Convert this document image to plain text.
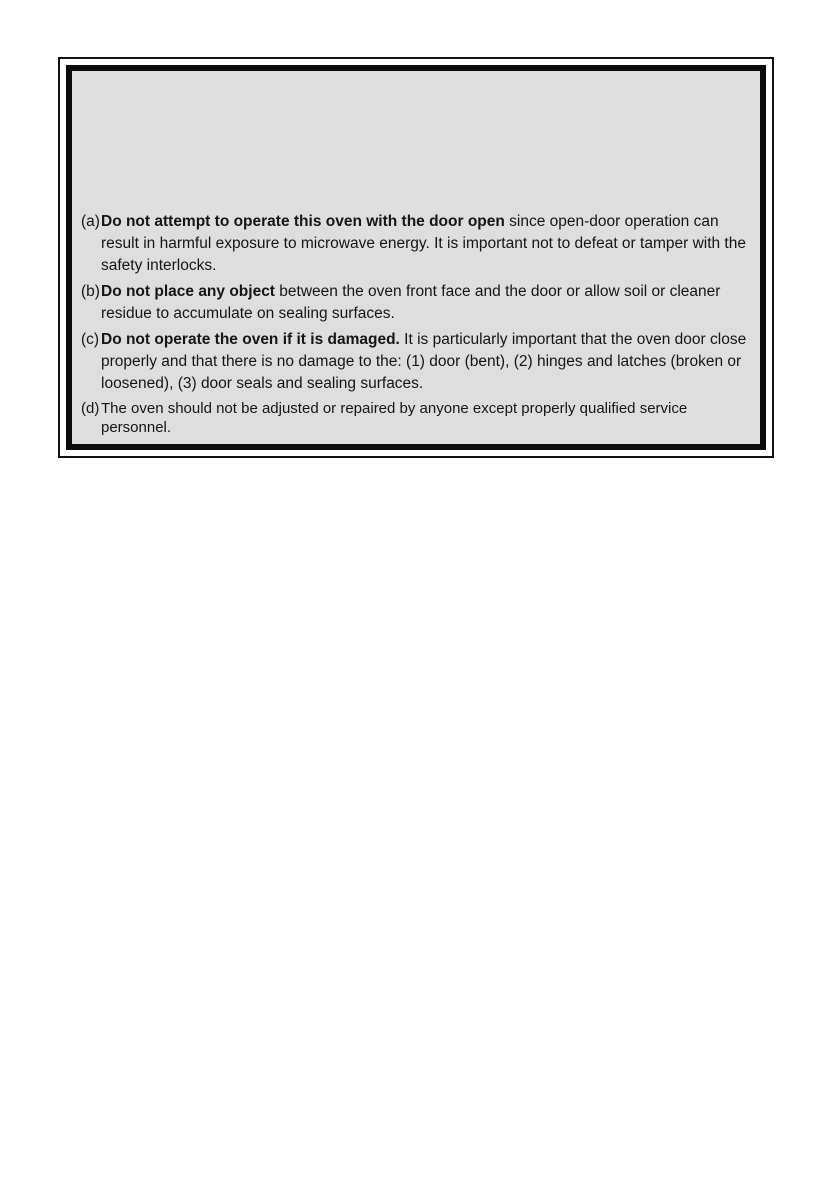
(a)Do not attempt to operate this oven with the door open since open-door operation can result in harmful exposure to microwave energy. It is important not to defeat or tamper with the safety interlocks.
(b)Do not place any object between the oven front face and the door or allow soil or cleaner residue to accumulate on sealing surfaces.
(c) Do not operate the oven if it is damaged. It is particularly important that the oven door close properly and that there is no damage to the: (1) door (bent), (2) hinges and latches (broken or loosened), (3) door seals and sealing surfaces.
(d) The oven should not be adjusted or repaired by anyone except properly qualified service personnel.
